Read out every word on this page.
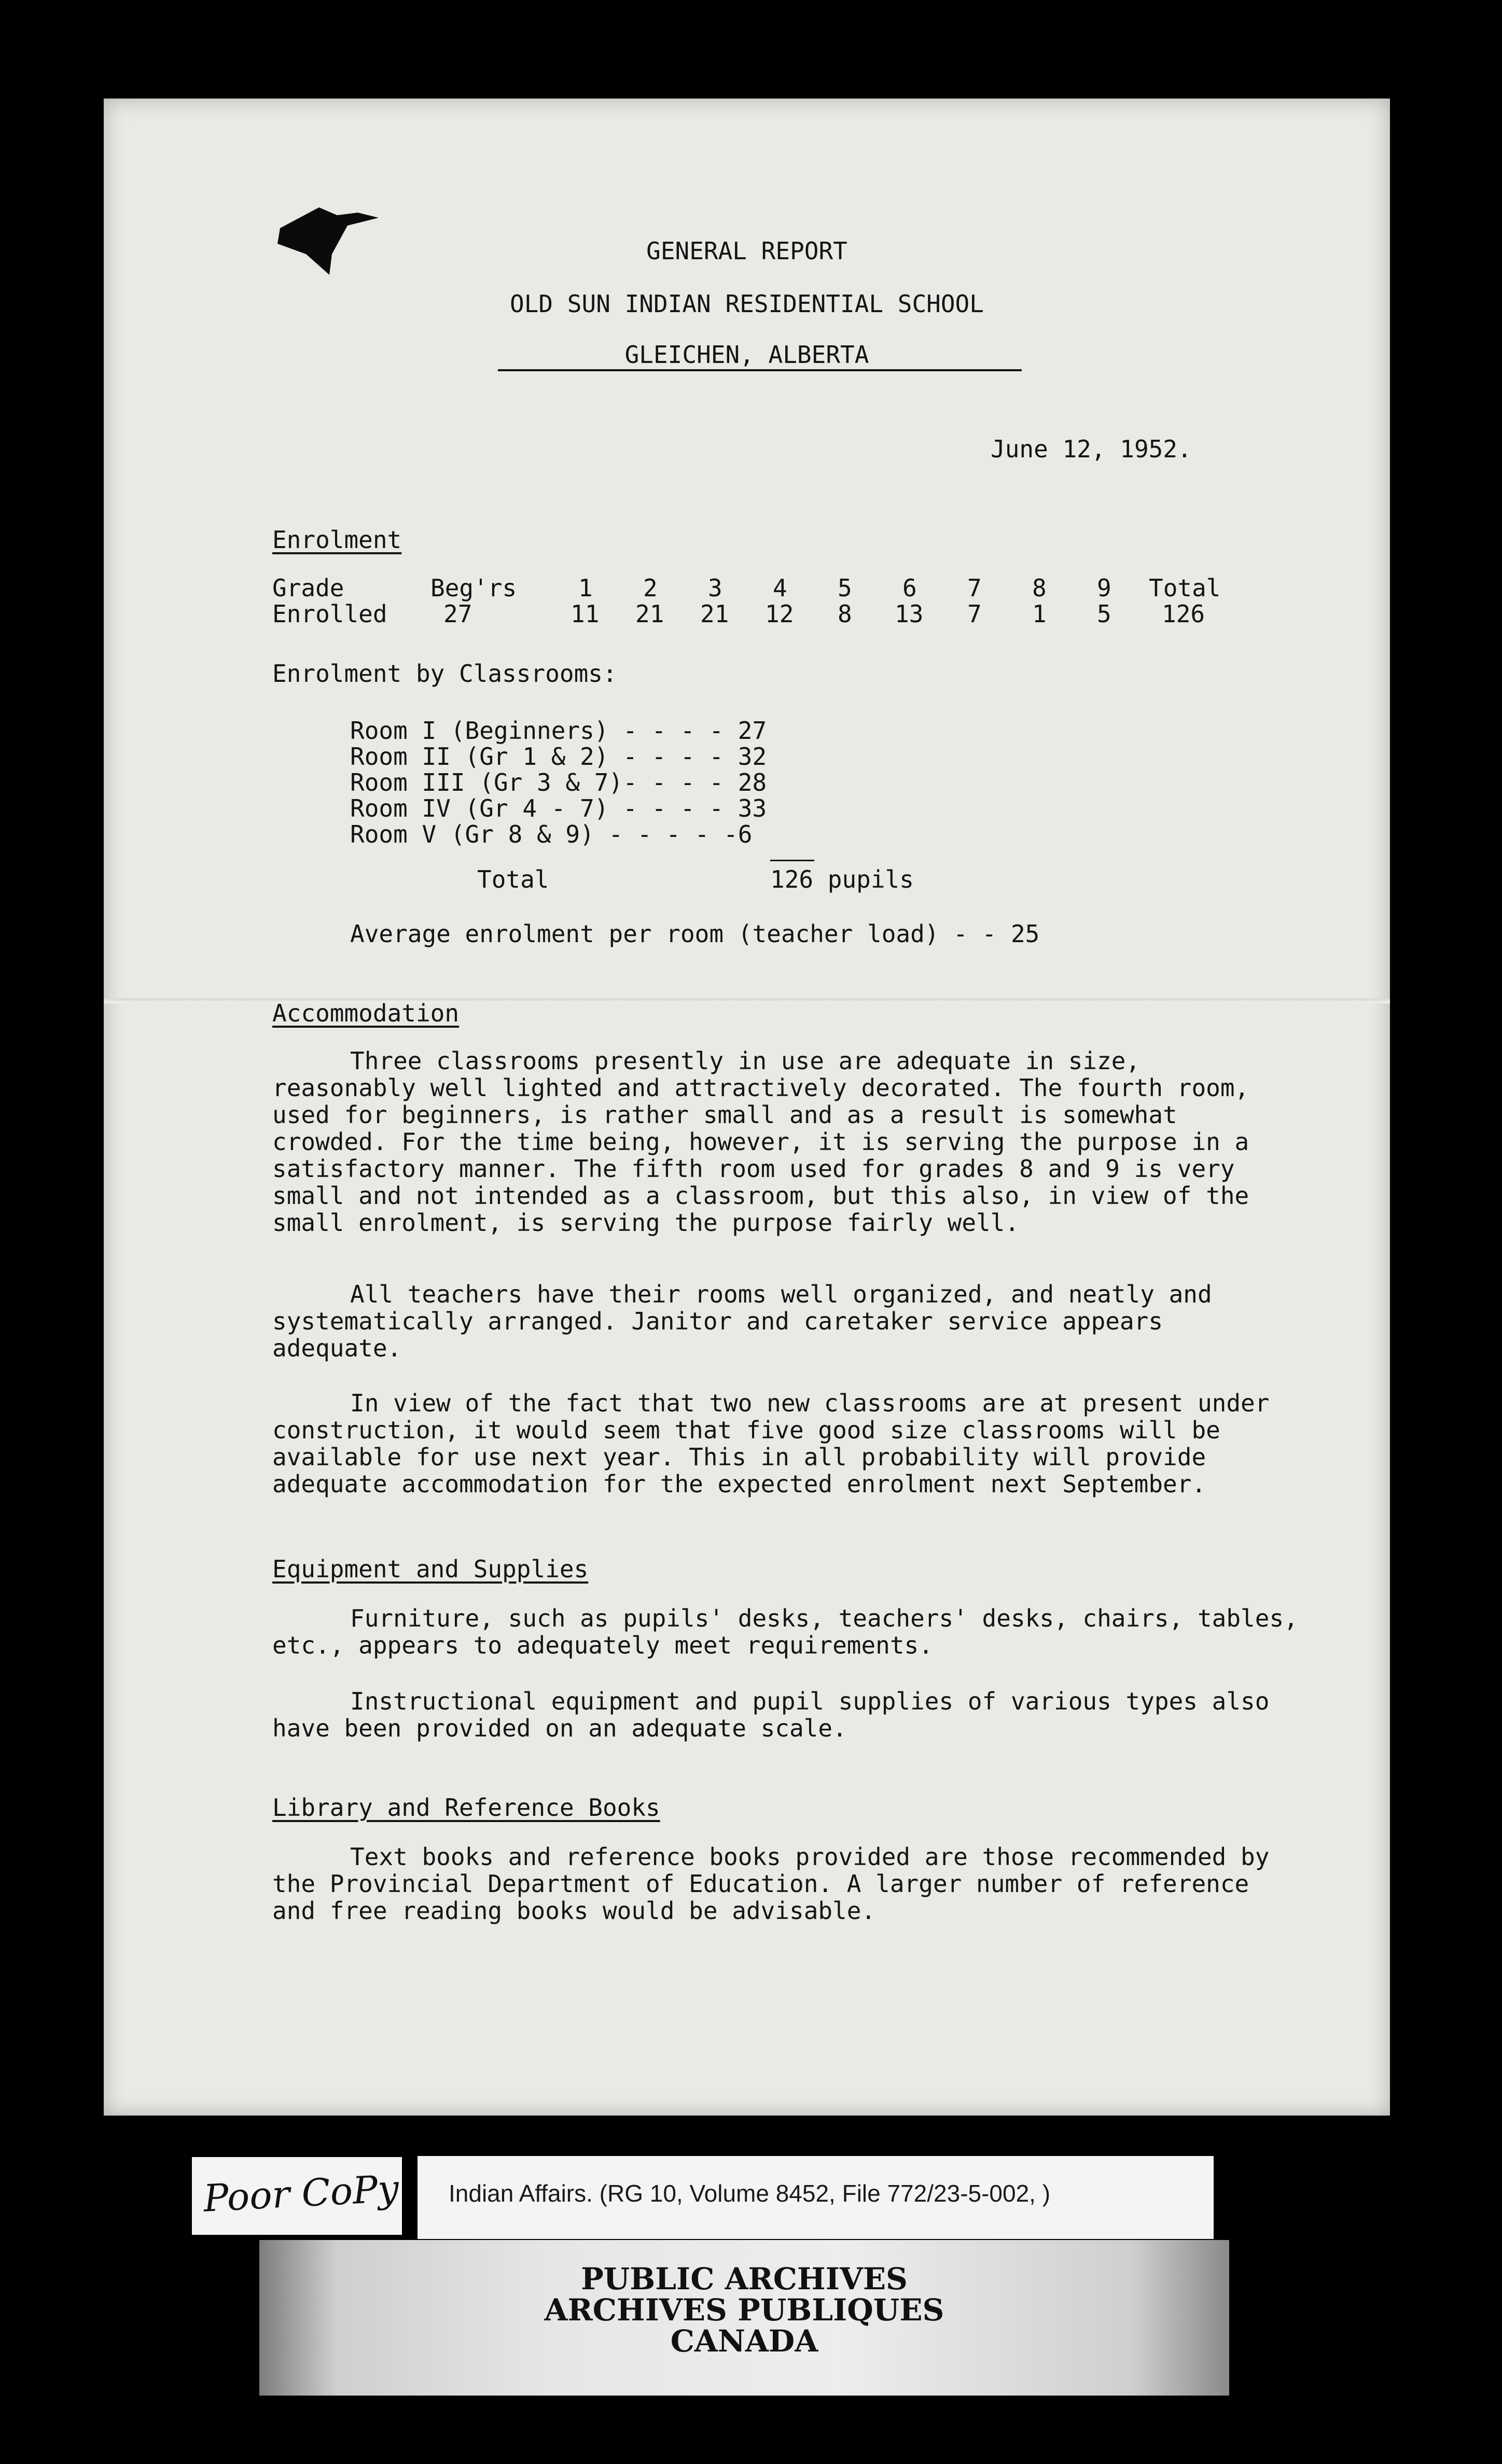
GENERAL REPORT
OLD SUN INDIAN RESIDENTIAL SCHOOL
GLEICHEN, ALBERTA
June 12, 1952.
Enrolment
Grade	Beg'rs	1 2 3 4 5 6 7 8 9 Total
Enrolled 27	11 21 21 12 8 13 7 1 5 126
Enrolment by Classrooms:
Room I (Beginners) - - - - 27
Room II (Gr 1 & 2) - - - - 32
Room III (Gr 3 & 7)- - - - 28
Room IV (Gr 4 - 7) - - - - 33
Room V (Gr 8 & 9) - - - - -6
Total	126 pupils
Average enrolment per room (teacher load) - - 25
Accommodation
Three classrooms presently in use are adequate in size, reasonably well lighted and attractively decorated. The fourth room, used for beginners, is rather small and as a result is somewhat crowded. For the time being, however, it is serving the purpose in a satisfactory manner. The fifth room used for grades 8 and 9 is very small and not intended as a classroom, but this also, in view of the small enrolment, is serving the purpose fairly well.
All teachers have their rooms well organized, and neatly and systematically arranged. Janitor and caretaker service appears adequate.
In view of the fact that two new classrooms are at present under construction, it would seem that five good size classrooms will be available for use next year. This in all probability will provide adequate accommodation for the expected enrolment next September.
Equipment and Supplies
Furniture, such as pupils' desks, teachers' desks, chairs, tables, etc., appears to adequately meet requirements.
Instructional equipment and pupil supplies of various types also have been provided on an adequate scale.
Library and Reference Books
Text books and reference books provided are those recommended by the Provincial Department of Education. A larger number of reference and free reading books would be advisable.
Poor CoPy Indian Affairs. (RG 10, Volume 8452, File 772/23-5-002, )
PUBLIC ARCHIVES
ARCHIVES PUBLIQUES
CANADA
